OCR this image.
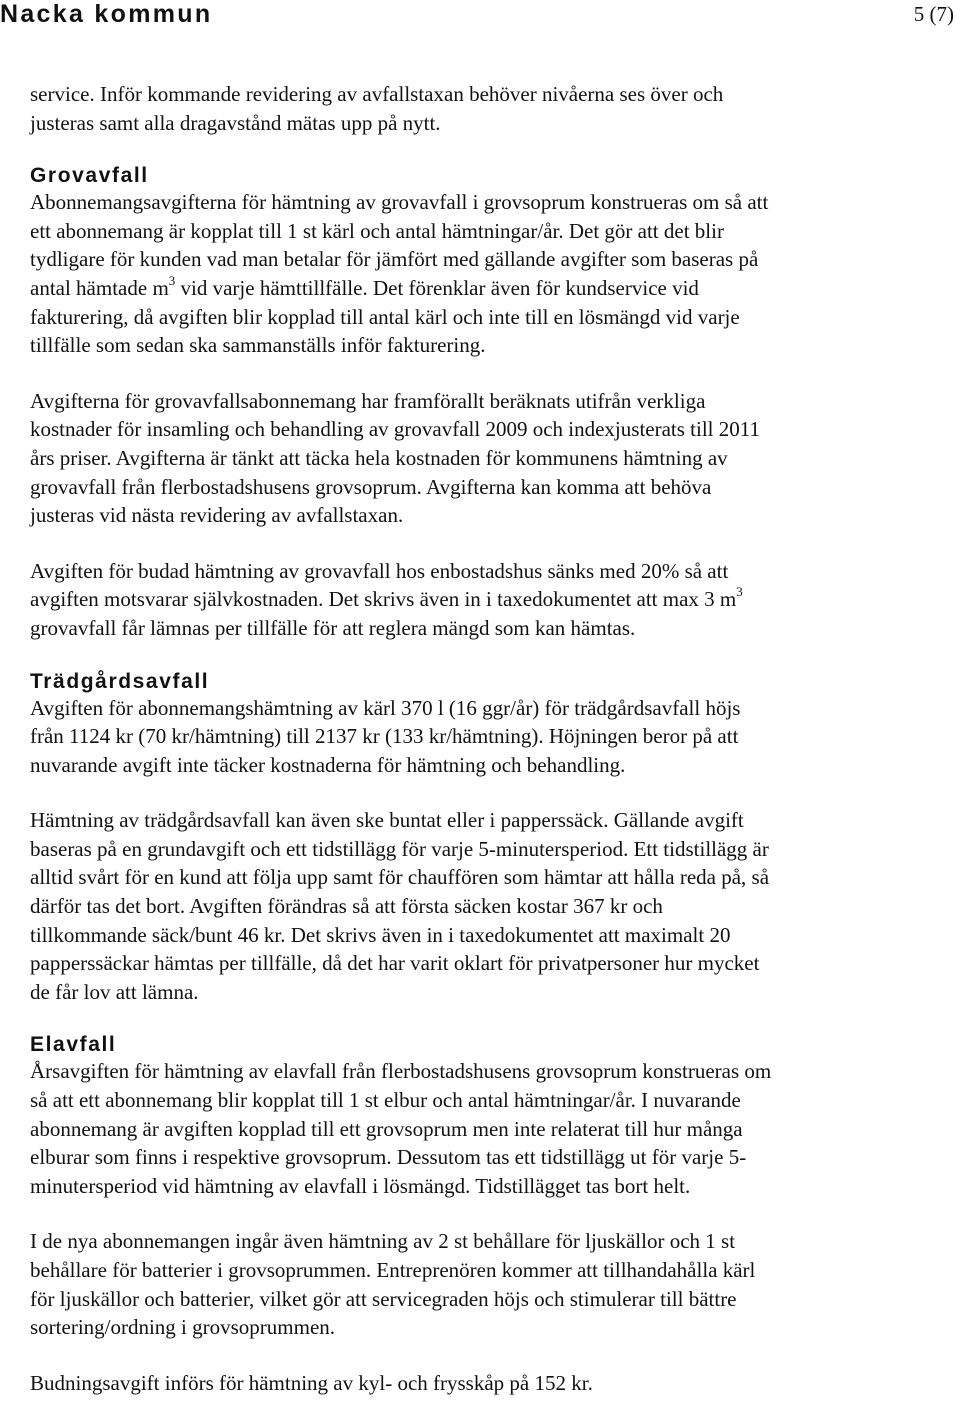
Nacka kommun	5 (7)

service. Inför kommande revidering av avfallstaxan behöver nivåerna ses över och
justeras samt alla dragavstånd mätas upp på nytt.

Grovavfall

Abonnemangsavgifterna för hämtning av grovavfall i grovsoprum konstrueras om så att
ett abonnemang är kopplat till 1 st kärl och antal hämtningar/år. Det gör att det blir
tydligare för kunden vad man betalar för jämfört med gällande avgifter som baseras på
antal hämtade $m^3$ vid varje hämttillfälle. Det förenklar även för kundservice vid
fakturering, då avgiften blir kopplad till antal kärl och inte till en lösmängd vid varje
tillfälle som sedan ska sammanställs inför fakturering.

Avgifterna för grovavfallsabonnemang har framförallt beräknats utifrån verkliga
kostnader för insamling och behandling av grovavfall 2009 och indexjusterats till 2011
års priser. Avgifterna är tänkt att täcka hela kostnaden för kommunens hämtning av
grovavfall från flerbostadshusens grovsoprum. Avgifterna kan komma att behöva
justeras vid nästa revidering av avfallstaxan.

Avgiften för budad hämtning av grovavfall hos enbostadshus sänks med 20% så att
avgiften motsvarar självkostnaden. Det skrivs även in i taxedokumentet att max 3 $m^3$
grovavfall får lämnas per tillfälle för att reglera mängd som kan hämtas.

Trädgårdsavfall

Avgiften för abonnemangshämtning av kärl 370 l (16 ggr/år) för trädgårdsavfall höjs
från 1124 kr (70 kr/hämtning) till 2137 kr (133 kr/hämtning). Höjningen beror på att
nuvarande avgift inte täcker kostnaderna för hämtning och behandling.

Hämtning av trädgårdsavfall kan även ske buntat eller i papperssäck. Gällande avgift
baseras på en grundavgift och ett tidstillägg för varje 5-minutersperiod. Ett tidstillägg är
alltid svårt för en kund att följa upp samt för chauffören som hämtar att hålla reda på, så
därför tas det bort. Avgiften förändras så att första säcken kostar 367 kr och
tillkommande säck/bunt 46 kr. Det skrivs även in i taxedokumentet att maximalt 20
papperssäckar hämtas per tillfälle, då det har varit oklart för privatpersoner hur mycket
de får lov att lämna.

Elavfall

Årsavgiften för hämtning av elavfall från flerbostadshusens grovsoprum konstrueras om
så att ett abonnemang blir kopplat till 1 st elbur och antal hämtningar/år. I nuvarande
abonnemang är avgiften kopplad till ett grovsoprum men inte relaterat till hur många
elburar som finns i respektive grovsoprum. Dessutom tas ett tidstillägg ut för varje 5-
minutersperiod vid hämtning av elavfall i lösmängd. Tidstillägget tas bort helt.

I de nya abonnemangen ingår även hämtning av 2 st behållare för ljuskällor och 1 st
behållare för batterier i grovsoprummen. Entreprenören kommer att tillhandahålla kärl
för ljuskällor och batterier, vilket gör att servicegraden höjs och stimulerar till bättre
sortering/ordning i grovsoprummen.

Budningsavgift införs för hämtning av kyl- och frysskåp på 152 kr.
